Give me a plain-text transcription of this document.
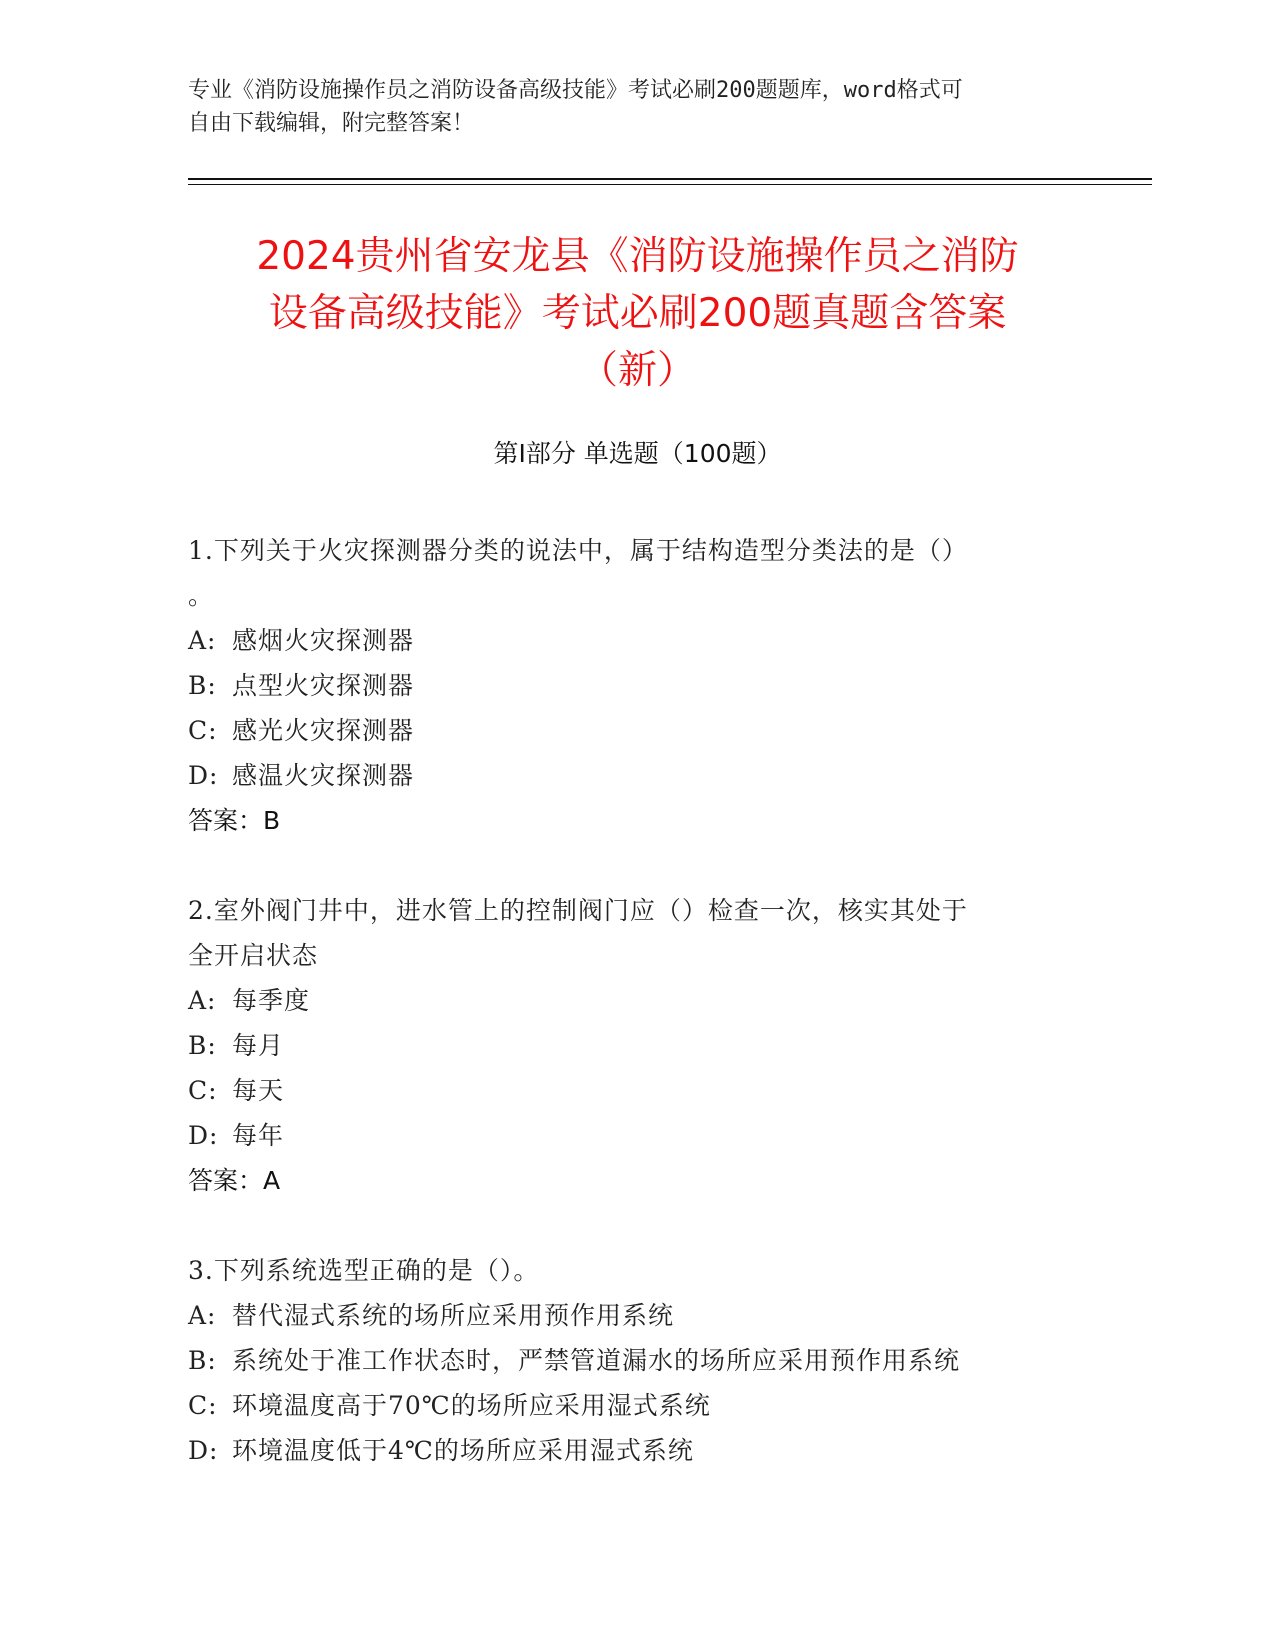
专业《消防设施操作员之消防设备高级技能》考试必刷200题题库，word格式可
自由下载编辑，附完整答案！
2024贵州省安龙县《消防设施操作员之消防
设备高级技能》考试必刷200题真题含答案
（新）
第Ⅰ部分 单选题（100题）
1.下列关于火灾探测器分类的说法中，属于结构造型分类法的是（）
。
A: 感烟火灾探测器
B: 点型火灾探测器
C: 感光火灾探测器
D: 感温火灾探测器
答案：B
2.室外阀门井中，进水管上的控制阀门应（）检查一次，核实其处于
全开启状态
A: 每季度
B: 每月
C: 每天
D: 每年
答案：A
3.下列系统选型正确的是（）。
A: 替代湿式系统的场所应采用预作用系统
B: 系统处于准工作状态时，严禁管道漏水的场所应采用预作用系统
C: 环境温度高于70℃的场所应采用湿式系统
D: 环境温度低于4℃的场所应采用湿式系统
